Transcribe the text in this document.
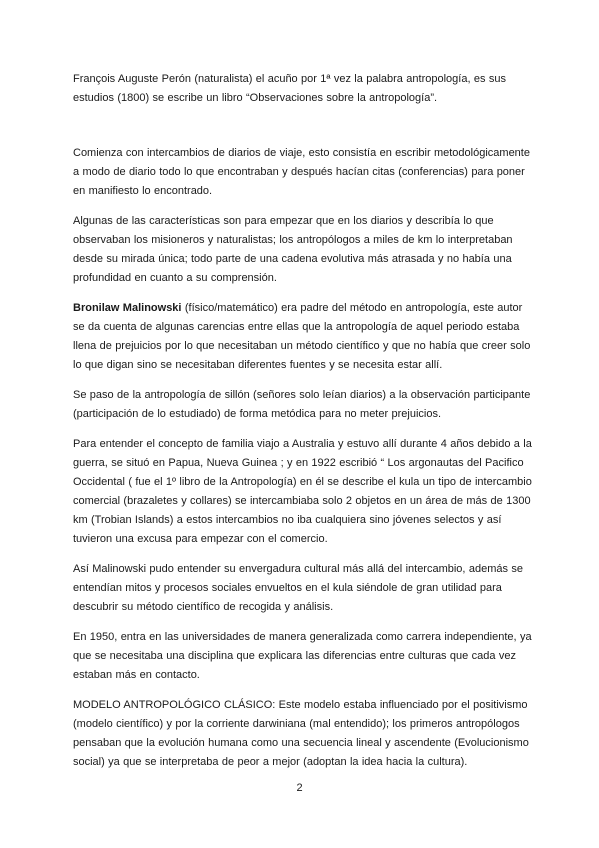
François Auguste Perón (naturalista) el acuño por 1ª vez la palabra antropología, es sus estudios (1800) se escribe un libro “Observaciones sobre la antropología”.

Comienza con intercambios de diarios de viaje, esto consistía en escribir metodológicamente a modo de diario todo lo que encontraban y después hacían citas (conferencias) para poner en manifiesto lo encontrado.

Algunas de las características son para empezar que en los diarios y describía lo que observaban los misioneros y naturalistas; los antropólogos a miles de km lo interpretaban desde su mirada única; todo parte de una cadena evolutiva más atrasada y no había una profundidad en cuanto a su comprensión.

Bronilaw Malinowski (físico/matemático) era padre del método en antropología, este autor se da cuenta de algunas carencias entre ellas que la antropología de aquel periodo estaba llena de prejuicios por lo que necesitaban un método científico y que no había que creer solo lo que digan sino se necesitaban diferentes fuentes y se necesita estar allí.

Se paso de la antropología de sillón (señores solo leían diarios) a la observación participante (participación de lo estudiado) de forma metódica para no meter prejuicios.

Para entender el concepto de familia viajo a Australia y estuvo allí durante 4 años debido a la guerra, se situó en Papua, Nueva Guinea ; y en 1922 escribió “ Los argonautas del Pacifico Occidental ( fue el 1º libro de la Antropología) en él se describe el kula un tipo de intercambio comercial (brazaletes y collares) se intercambiaba solo 2 objetos en un área de más de 1300 km (Trobian Islands) a estos intercambios no iba cualquiera sino jóvenes selectos y así tuvieron una excusa para empezar con el comercio.

Así Malinowski pudo entender su envergadura cultural más allá del intercambio, además se entendían mitos y procesos sociales envueltos en el kula siéndole de gran utilidad para descubrir su método científico de recogida y análisis.

En 1950, entra en las universidades de manera generalizada como carrera independiente, ya que se necesitaba una disciplina que explicara las diferencias entre culturas que cada vez estaban más en contacto.

MODELO ANTROPOLÓGICO CLÁSICO: Este modelo estaba influenciado por el positivismo (modelo científico) y por la corriente darwiniana (mal entendido); los primeros antropólogos pensaban que la evolución humana como una secuencia lineal y ascendente (Evolucionismo social) ya que se interpretaba de peor a mejor (adoptan la idea hacia la cultura).

2
